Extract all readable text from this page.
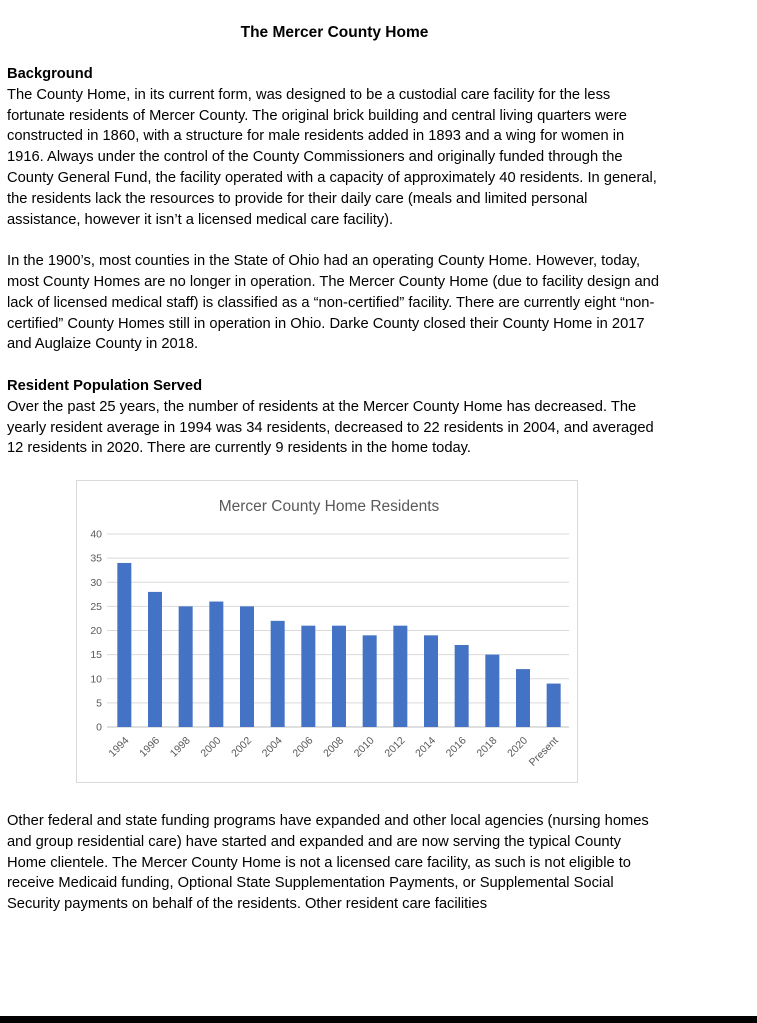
The Mercer County Home
Background

The County Home, in its current form, was designed to be a custodial care facility for the less fortunate residents of Mercer County. The original brick building and central living quarters were constructed in 1860, with a structure for male residents added in 1893 and a wing for women in 1916. Always under the control of the County Commissioners and originally funded through the County General Fund, the facility operated with a capacity of approximately 40 residents. In general, the residents lack the resources to provide for their daily care (meals and limited personal assistance, however it isn’t a licensed medical care facility).

In the 1900’s, most counties in the State of Ohio had an operating County Home. However, today, most County Homes are no longer in operation. The Mercer County Home (due to facility design and lack of licensed medical staff) is classified as a “non-certified” facility. There are currently eight “non-certified” County Homes still in operation in Ohio. Darke County closed their County Home in 2017 and Auglaize County in 2018.

Resident Population Served

Over the past 25 years, the number of residents at the Mercer County Home has decreased. The yearly resident average in 1994 was 34 residents, decreased to 22 residents in 2004, and averaged 12 residents in 2020. There are currently 9 residents in the home today.

0
5
10
15
20
25
30
35
40
1994 1996 1998 2000 2002 2004 2006 2008 2010 2012 2014 2016 2018 2020
Present
Mercer County Home Residents

Other federal and state funding programs have expanded and other local agencies (nursing homes and group residential care) have started and expanded and are now serving the typical County Home clientele. The Mercer County Home is not a licensed care facility, as such is not eligible to receive Medicaid funding, Optional State Supplementation Payments, or Supplemental Social Security payments on behalf of the residents. Other resident care facilities
